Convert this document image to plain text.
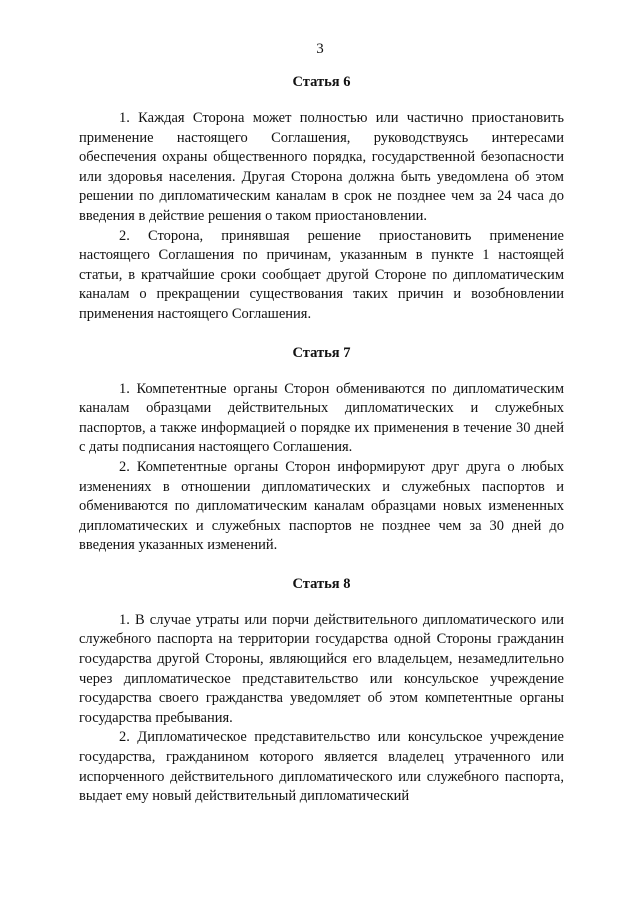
3
Статья 6

1. Каждая Сторона может полностью или частично приостановить применение настоящего Соглашения, руководствуясь интересами обеспечения охраны общественного порядка, государственной безопасности или здоровья населения. Другая Сторона должна быть уведомлена об этом решении по дипломатическим каналам в срок не позднее чем за 24 часа до введения в действие решения о таком приостановлении.

2. Сторона, принявшая решение приостановить применение настоящего Соглашения по причинам, указанным в пункте 1 настоящей статьи, в кратчайшие сроки сообщает другой Стороне по дипломатическим каналам о прекращении существования таких причин и возобновлении применения настоящего Соглашения.

Статья 7

1. Компетентные органы Сторон обмениваются по дипломатическим каналам образцами действительных дипломатических и служебных паспортов, а также информацией о порядке их применения в течение 30 дней с даты подписания настоящего Соглашения.

2. Компетентные органы Сторон информируют друг друга о любых изменениях в отношении дипломатических и служебных паспортов и обмениваются по дипломатическим каналам образцами новых измененных дипломатических и служебных паспортов не позднее чем за 30 дней до введения указанных изменений.

Статья 8

1. В случае утраты или порчи действительного дипломатического или служебного паспорта на территории государства одной Стороны гражданин государства другой Стороны, являющийся его владельцем, незамедлительно через дипломатическое представительство или консульское учреждение государства своего гражданства уведомляет об этом компетентные органы государства пребывания.

2. Дипломатическое представительство или консульское учреждение государства, гражданином которого является владелец утраченного или испорченного действительного дипломатического или служебного паспорта, выдает ему новый действительный дипломатический
